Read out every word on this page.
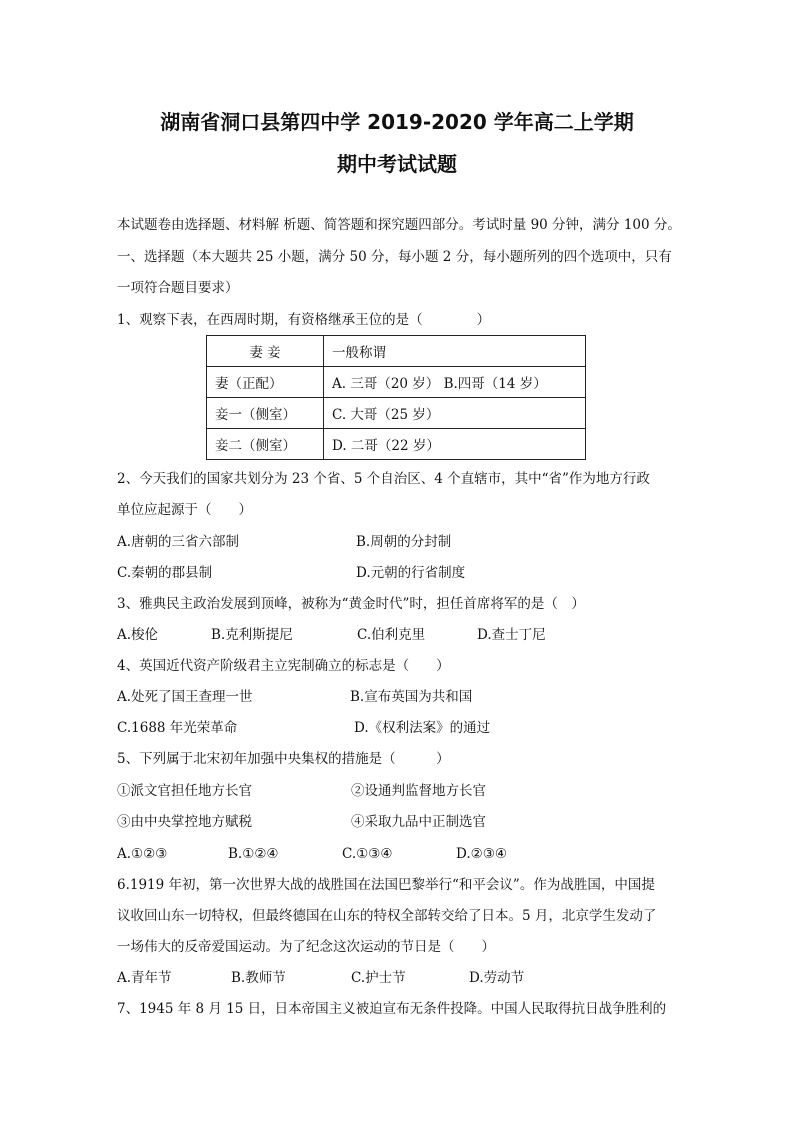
湖南省洞口县第四中学 2019-2020 学年高二上学期
期中考试试题
本试题卷由选择题、材料解 析题、简答题和探究题四部分。考试时量 90 分钟，满分 100 分。
一、选择题（本大题共 25 小题，满分 50 分，每小题 2 分，每小题所列的四个选项中，只有
一项符合题目要求）
1、观察下表，在西周时期，有资格继承王位的是（　　　　）
妻 妾	一般称谓
妻（正配）	A. 三哥（20 岁） B.四哥（14 岁）
妾一（侧室）	C. 大哥（25 岁）
妾二（侧室）	D. 二哥（22 岁）
2、今天我们的国家共划分为 23 个省、5 个自治区、4 个直辖市，其中“省”作为地方行政
单位应起源于（　　）
A.唐朝的三省六部制	B.周朝的分封制
C.秦朝的郡县制	D.元朝的行省制度
3、雅典民主政治发展到顶峰，被称为“黄金时代”时，担任首席将军的是（　）
A.梭伦	B.克利斯提尼	C.伯利克里	D.查士丁尼
4、英国近代资产阶级君主立宪制确立的标志是（　　）
A.处死了国王查理一世	B.宣布英国为共和国
C.1688 年光荣革命	D.《权利法案》的通过
5、下列属于北宋初年加强中央集权的措施是（　　　）
①派文官担任地方长官	②设通判监督地方长官
③由中央掌控地方赋税	④采取九品中正制选官
A.①②③	B.①②④	C.①③④	D.②③④
6.1919 年初，第一次世界大战的战胜国在法国巴黎举行“和平会议”。作为战胜国，中国提
议收回山东一切特权，但最终德国在山东的特权全部转交给了日本。5 月，北京学生发动了
一场伟大的反帝爱国运动。为了纪念这次运动的节日是（　　）
A.青年节	B.教师节	C.护士节	D.劳动节
7、1945 年 8 月 15 日，日本帝国主义被迫宣布无条件投降。中国人民取得抗日战争胜利的
